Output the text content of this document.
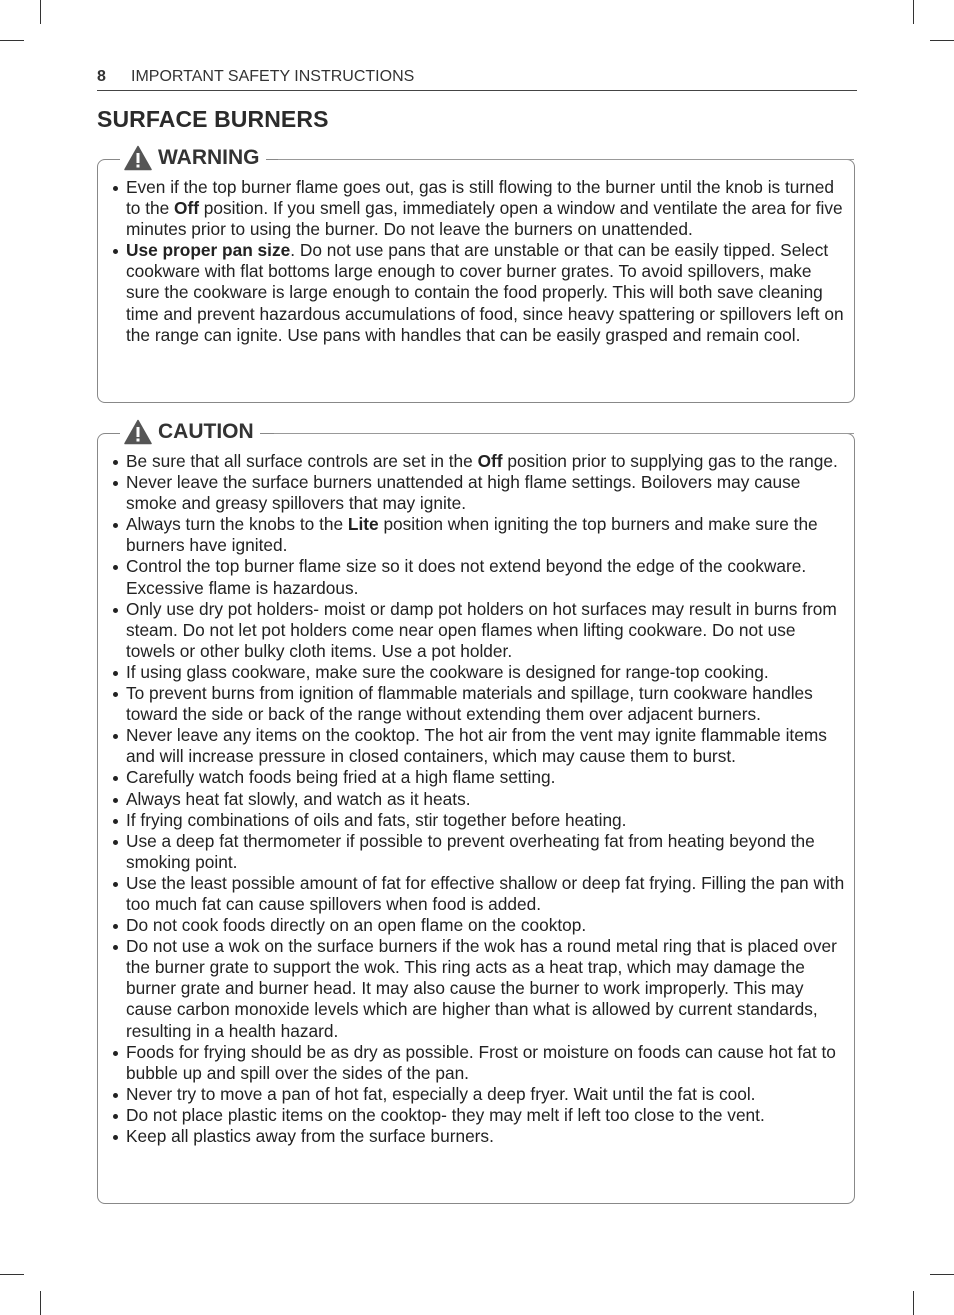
8 IMPORTANT SAFETY INSTRUCTIONS
SURFACE BURNERS
WARNING
Even if the top burner flame goes out, gas is still flowing to the burner until the knob is turned to the Off position. If you smell gas, immediately open a window and ventilate the area for five minutes prior to using the burner. Do not leave the burners on unattended.
Use proper pan size. Do not use pans that are unstable or that can be easily tipped. Select cookware with flat bottoms large enough to cover burner grates. To avoid spillovers, make sure the cookware is large enough to contain the food properly. This will both save cleaning time and prevent hazardous accumulations of food, since heavy spattering or spillovers left on the range can ignite. Use pans with handles that can be easily grasped and remain cool.
CAUTION
Be sure that all surface controls are set in the Off position prior to supplying gas to the range.
Never leave the surface burners unattended at high flame settings. Boilovers may cause smoke and greasy spillovers that may ignite.
Always turn the knobs to the Lite position when igniting the top burners and make sure the burners have ignited.
Control the top burner flame size so it does not extend beyond the edge of the cookware. Excessive flame is hazardous.
Only use dry pot holders- moist or damp pot holders on hot surfaces may result in burns from steam. Do not let pot holders come near open flames when lifting cookware. Do not use towels or other bulky cloth items. Use a pot holder.
If using glass cookware, make sure the cookware is designed for range-top cooking.
To prevent burns from ignition of flammable materials and spillage, turn cookware handles toward the side or back of the range without extending them over adjacent burners.
Never leave any items on the cooktop. The hot air from the vent may ignite flammable items and will increase pressure in closed containers, which may cause them to burst.
Carefully watch foods being fried at a high flame setting.
Always heat fat slowly, and watch as it heats.
If frying combinations of oils and fats, stir together before heating.
Use a deep fat thermometer if possible to prevent overheating fat from heating beyond the smoking point.
Use the least possible amount of fat for effective shallow or deep fat frying. Filling the pan with too much fat can cause spillovers when food is added.
Do not cook foods directly on an open flame on the cooktop.
Do not use a wok on the surface burners if the wok has a round metal ring that is placed over the burner grate to support the wok. This ring acts as a heat trap, which may damage the burner grate and burner head. It may also cause the burner to work improperly. This may cause carbon monoxide levels which are higher than what is allowed by current standards, resulting in a health hazard.
Foods for frying should be as dry as possible. Frost or moisture on foods can cause hot fat to bubble up and spill over the sides of the pan.
Never try to move a pan of hot fat, especially a deep fryer. Wait until the fat is cool.
Do not place plastic items on the cooktop- they may melt if left too close to the vent.
Keep all plastics away from the surface burners.
